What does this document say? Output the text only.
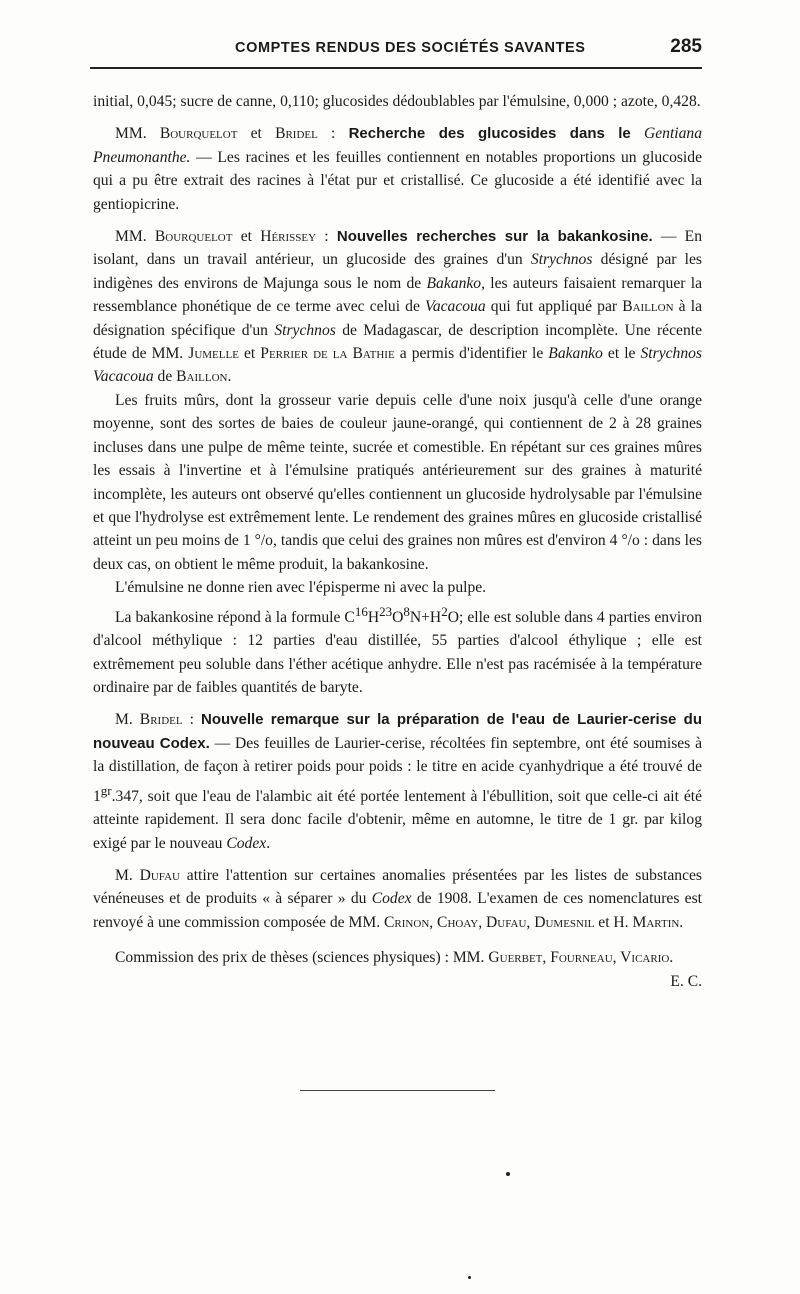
COMPTES RENDUS DES SOCIÉTÉS SAVANTES	285

initial, 0,045; sucre de canne, 0,110; glucosides dédoublables par l'émulsine, 0,000 ; azote, 0,428.

MM. Bourquelot et Bridel : Recherche des glucosides dans le Gentiana Pneumonanthe. — Les racines et les feuilles contiennent en notables proportions un glucoside qui a pu être extrait des racines à l'état pur et cristallisé. Ce glucoside a été identifié avec la gentiopicrine.

MM. Bourquelot et Hérissey : Nouvelles recherches sur la bakankosine. — En isolant, dans un travail antérieur, un glucoside des graines d'un Strychnos désigné par les indigènes des environs de Majunga sous le nom de Bakanko, les auteurs faisaient remarquer la ressemblance phonétique de ce terme avec celui de Vacacoua qui fut appliqué par Baillon à la désignation spécifique d'un Strychnos de Madagascar, de description incomplète. Une récente étude de MM. Jumelle et Perrier de la Bathie a permis d'identifier le Bakanko et le Strychnos Vacacoua de Baillon.

Les fruits mûrs, dont la grosseur varie depuis celle d'une noix jusqu'à celle d'une orange moyenne, sont des sortes de baies de couleur jaune-orangé, qui contiennent de 2 à 28 graines incluses dans une pulpe de même teinte, sucrée et comestible. En répétant sur ces graines mûres les essais à l'invertine et à l'émulsine pratiqués antérieurement sur des graines à maturité incomplète, les auteurs ont observé qu'elles contiennent un glucoside hydrolysable par l'émulsine et que l'hydrolyse est extrêmement lente. Le rendement des graines mûres en glucoside cristallisé atteint un peu moins de 1 °/o, tandis que celui des graines non mûres est d'environ 4 °/o : dans les deux cas, on obtient le même produit, la bakankosine.

L'émulsine ne donne rien avec l'épisperme ni avec la pulpe.

La bakankosine répond à la formule $C^{16}H^{23}O^8N+H^2O$; elle est soluble dans 4 parties environ d'alcool méthylique : 12 parties d'eau distillée, 55 parties d'alcool éthylique ; elle est extrêmement peu soluble dans l'éther acétique anhydre. Elle n'est pas racémisée à la température ordinaire par de faibles quantités de baryte.

M. Bridel : Nouvelle remarque sur la préparation de l'eau de Laurier-cerise du nouveau Codex. — Des feuilles de Laurier-cerise, récoltées fin septembre, ont été soumises à la distillation, de façon à retirer poids pour poids : le titre en acide cyanhydrique a été trouvé de $1^{gr}.347$, soit que l'eau de l'alambic ait été portée lentement à l'ébullition, soit que celle-ci ait été atteinte rapidement. Il sera donc facile d'obtenir, même en automne, le titre de 1 gr. par kilog exigé par le nouveau Codex.

M. Dufau attire l'attention sur certaines anomalies présentées par les listes de substances vénéneuses et de produits « à séparer » du Codex de 1908. L'examen de ces nomenclatures est renvoyé à une commission composée de MM. Crinon, Choay, Dufau, Dumesnil et H. Martin.

Commission des prix de thèses (sciences physiques) : MM. Guerbet, Fourneau, Vicario.
E. C.
